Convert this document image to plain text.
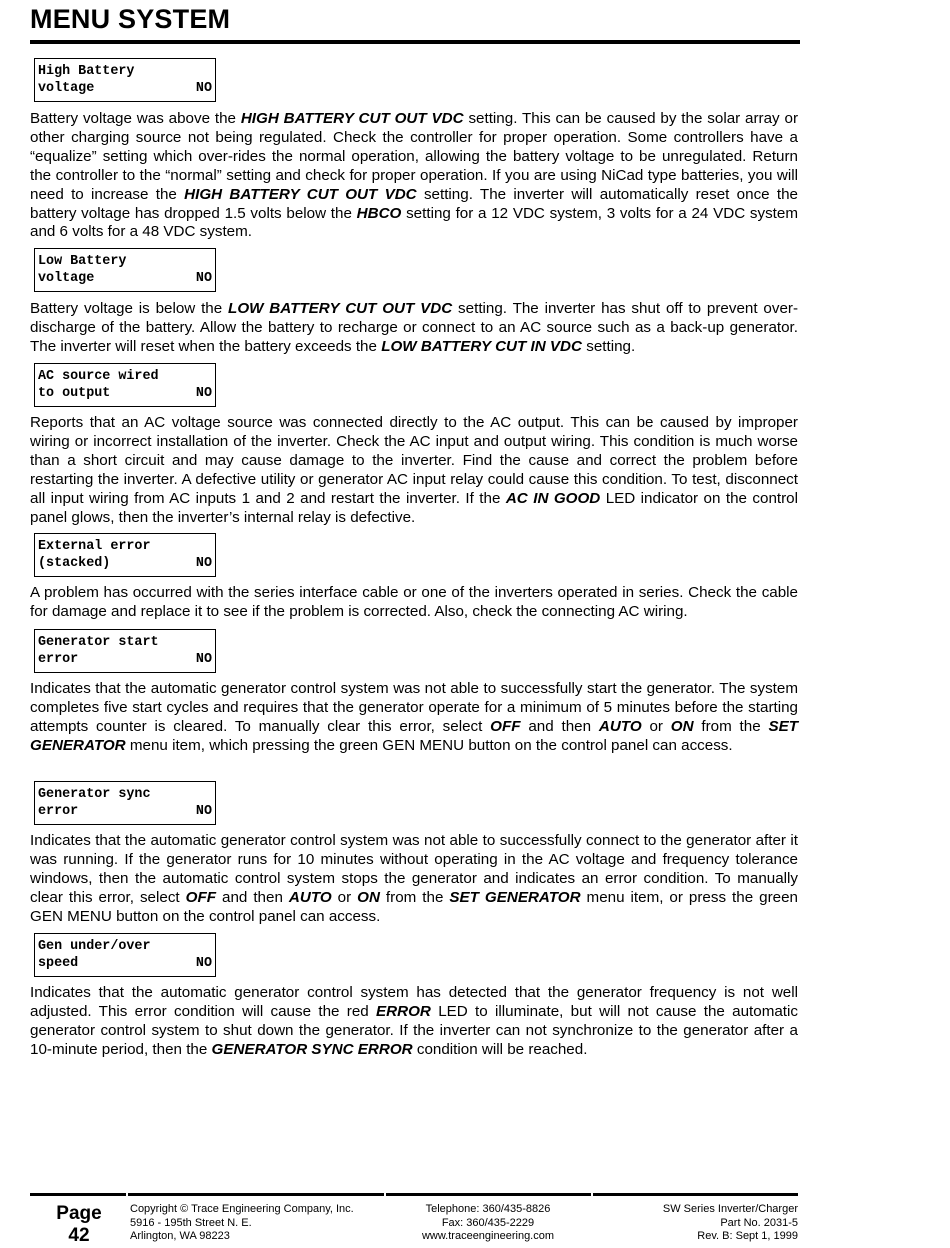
MENU SYSTEM
High Battery
voltage	NO
Low Battery
voltage	NO
AC source wired
to output	NO
External error
(stacked)	NO
Generator start
error	NO
Generator sync
error	NO
Gen under/over
speed	NO

Battery voltage was above the HIGH BATTERY CUT OUT VDC setting. This can be caused by the solar array or other charging source not being regulated. Check the controller for proper operation. Some controllers have a “equalize” setting which over-rides the normal operation, allowing the battery voltage to be unregulated. Return the controller to the “normal” setting and check for proper operation. If you are using NiCad type batteries, you will need to increase the HIGH BATTERY CUT OUT VDC setting. The inverter will automatically reset once the battery voltage has dropped 1.5 volts below the HBCO setting for a 12 VDC system, 3 volts for a 24 VDC system and 6 volts for a 48 VDC system.

Battery voltage is below the LOW BATTERY CUT OUT VDC setting. The inverter has shut off to prevent over-discharge of the battery. Allow the battery to recharge or connect to an AC source such as a back-up generator. The inverter will reset when the battery exceeds the LOW BATTERY CUT IN VDC setting.

Reports that an AC voltage source was connected directly to the AC output. This can be caused by improper wiring or incorrect installation of the inverter. Check the AC input and output wiring. This condition is much worse than a short circuit and may cause damage to the inverter. Find the cause and correct the problem before restarting the inverter. A defective utility or generator AC input relay could cause this condition. To test, disconnect all input wiring from AC inputs 1 and 2 and restart the inverter. If the AC IN GOOD LED indicator on the control panel glows, then the inverter’s internal relay is defective.

A problem has occurred with the series interface cable or one of the inverters operated in series. Check the cable for damage and replace it to see if the problem is corrected. Also, check the connecting AC wiring.

Indicates that the automatic generator control system was not able to successfully start the generator. The system completes five start cycles and requires that the generator operate for a minimum of 5 minutes before the starting attempts counter is cleared. To manually clear this error, select OFF and then AUTO or ON from the SET GENERATOR menu item, which pressing the green GEN MENU button on the control panel can access.

Indicates that the automatic generator control system was not able to successfully connect to the generator after it was running. If the generator runs for 10 minutes without operating in the AC voltage and frequency tolerance windows, then the automatic control system stops the generator and indicates an error condition. To manually clear this error, select OFF and then AUTO or ON from the SET GENERATOR menu item, or press the green GEN MENU button on the control panel can access.

Indicates that the automatic generator control system has detected that the generator frequency is not well adjusted. This error condition will cause the red ERROR LED to illuminate, but will not cause the automatic generator control system to shut down the generator. If the inverter can not synchronize to the generator after a 10-minute period, then the GENERATOR SYNC ERROR condition will be reached.

Page
42
Copyright © Trace Engineering Company, Inc.
5916 - 195th Street N. E.
Arlington, WA 98223
Telephone: 360/435-8826
Fax: 360/435-2229
www.traceengineering.com
SW Series Inverter/Charger
Part No. 2031-5
Rev. B: Sept 1, 1999
